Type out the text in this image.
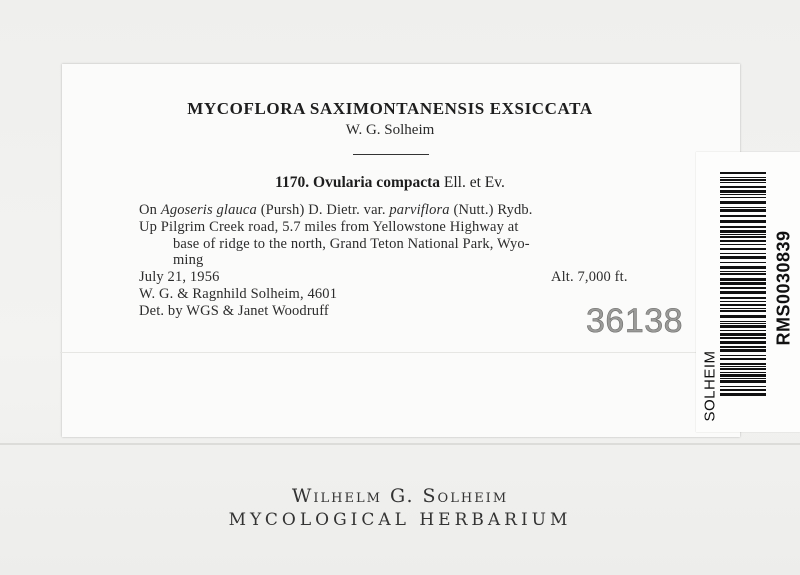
MYCOFLORA SAXIMONTANENSIS EXSICCATA
W. G. Solheim
1170. Ovularia compacta Ell. et Ev.
On Agoseris glauca (Pursh) D. Dietr. var. parviflora (Nutt.) Rydb.
Up Pilgrim Creek road, 5.7 miles from Yellowstone Highway at
base of ridge to the north, Grand Teton National Park, Wyo-
ming
July 21, 1956	Alt. 7,000 ft.
W. G. & Ragnhild Solheim, 4601
Det. by WGS & Janet Woodruff	36138	RMS0030839
SOLHEIM
Wilhelm G. Solheim
MYCOLOGICAL HERBARIUM
